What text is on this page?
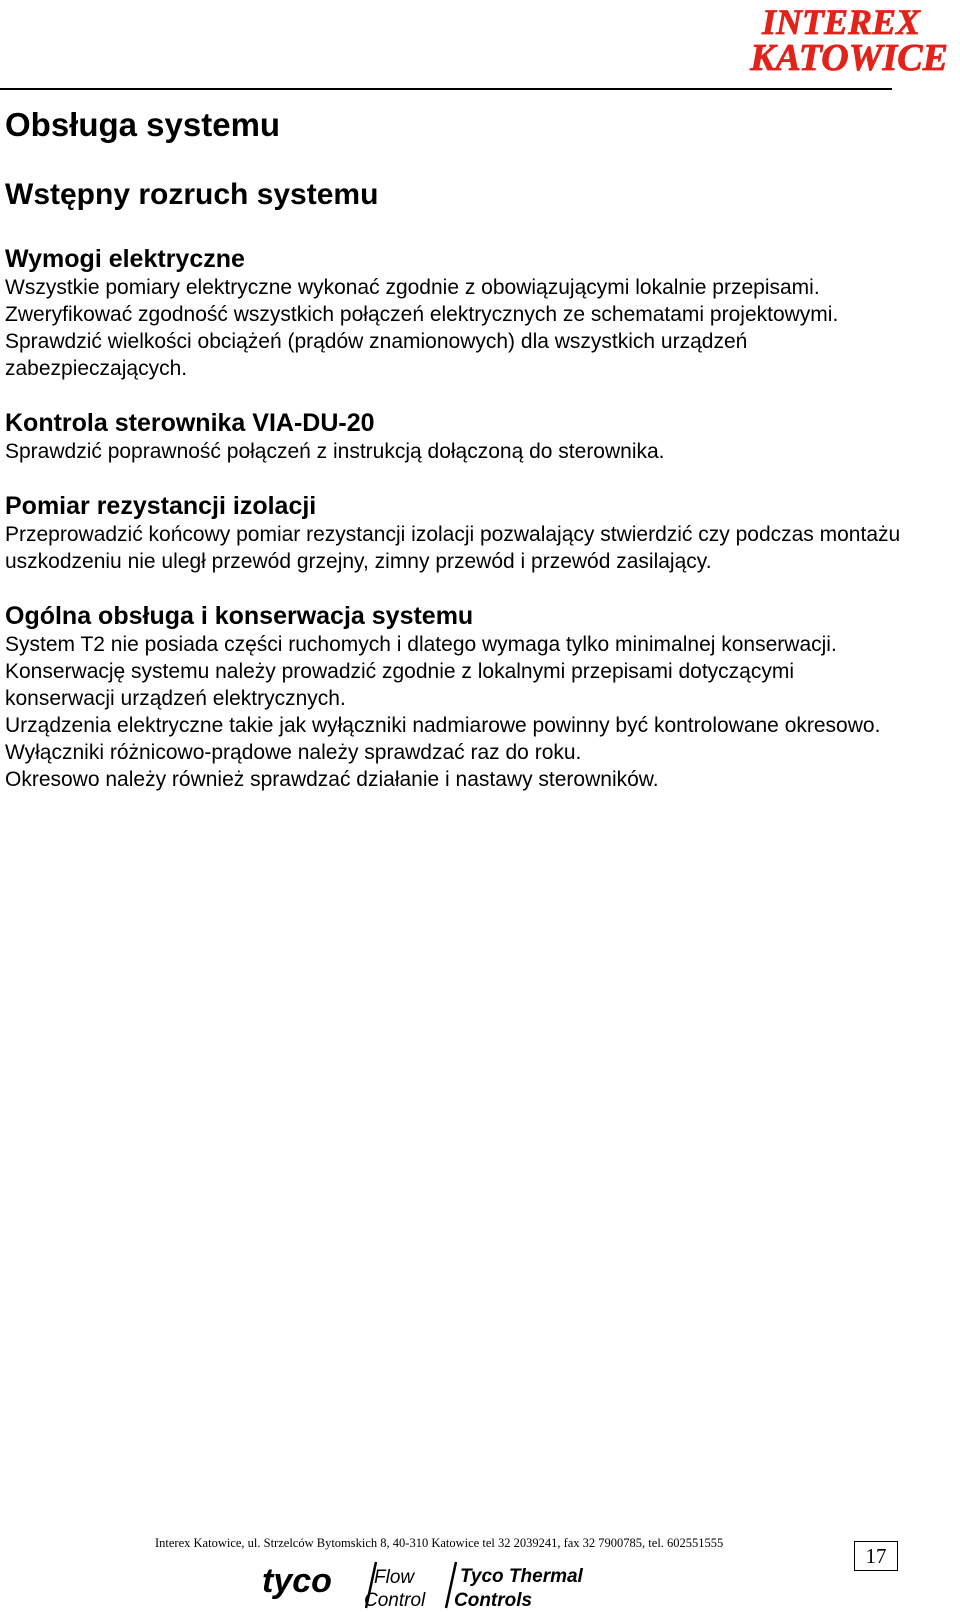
INTEREX
KATOWICE
Obsługa systemu
Wstępny rozruch systemu
Wymogi elektryczne

Wszystkie pomiary elektryczne wykonać zgodnie z obowiązującymi lokalnie przepisami. Zweryfikować zgodność wszystkich połączeń elektrycznych ze schematami projektowymi. Sprawdzić wielkości obciążeń (prądów znamionowych) dla wszystkich urządzeń zabezpieczających.

Kontrola sterownika VIA-DU-20

Sprawdzić poprawność połączeń z instrukcją dołączoną do sterownika.

Pomiar rezystancji izolacji

Przeprowadzić końcowy pomiar rezystancji izolacji pozwalający stwierdzić czy podczas montażu uszkodzeniu nie uległ przewód grzejny, zimny przewód i przewód zasilający.

Ogólna obsługa i konserwacja systemu

System T2 nie posiada części ruchomych i dlatego wymaga tylko minimalnej konserwacji. Konserwację systemu należy prowadzić zgodnie z lokalnymi przepisami dotyczącymi konserwacji urządzeń elektrycznych.
Urządzenia elektryczne takie jak wyłączniki nadmiarowe powinny być kontrolowane okresowo. Wyłączniki różnicowo-prądowe należy sprawdzać raz do roku.
Okresowo należy również sprawdzać działanie i nastawy sterowników.

Interex Katowice, ul. Strzelców Bytomskich 8, 40-310 Katowice tel 32 2039241, fax 32 7900785, tel. 602551555
17
tyco Flow
Control
Tyco Thermal
Controls
